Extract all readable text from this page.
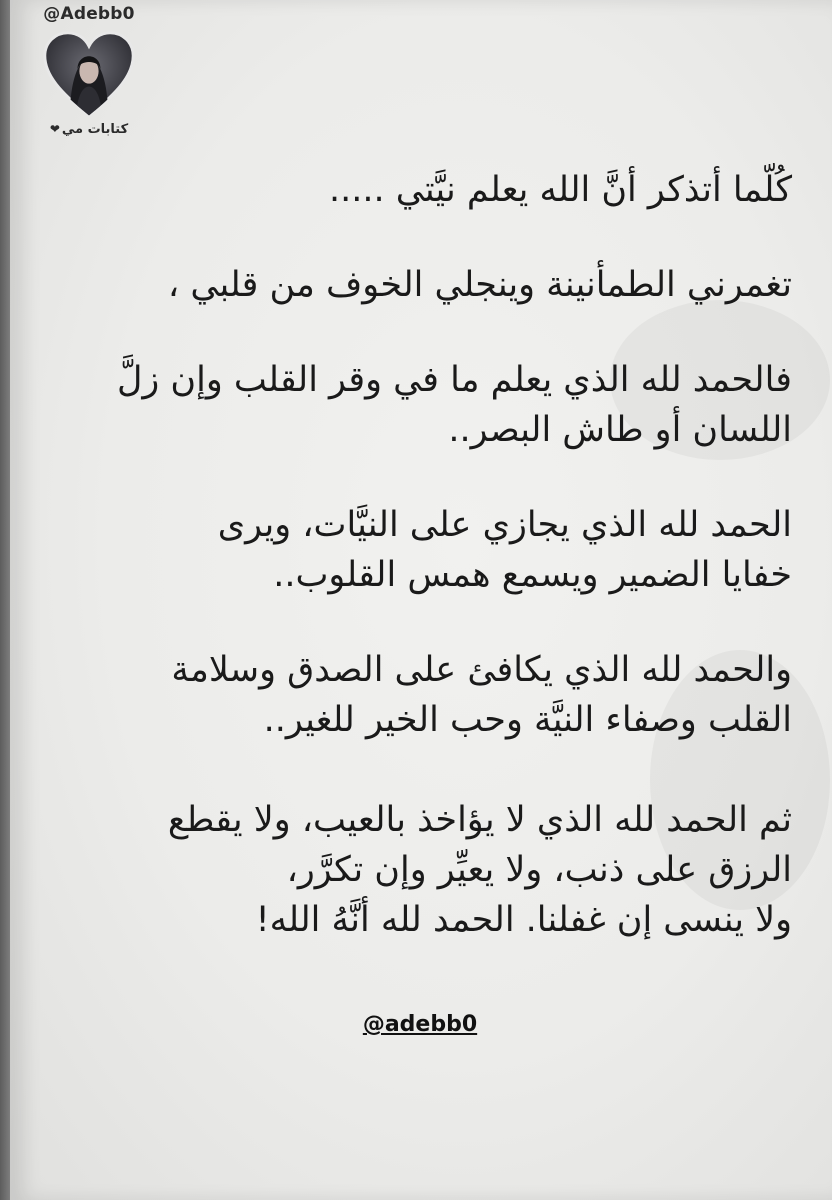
@Adebb0
كتابات مي❤
كُلّما أتذكر أنَّ الله يعلم نيَّتي .....
تغمرني الطمأنينة وينجلي الخوف من قلبي ،
فالحمد لله الذي يعلم ما في وقر القلب وإن زلَّ
اللسان أو طاش البصر..
الحمد لله الذي يجازي على النيَّات، ويرى
خفايا الضمير ويسمع همس القلوب..
والحمد لله الذي يكافئ على الصدق وسلامة
القلب وصفاء النيَّة وحب الخير للغير..
ثم الحمد لله الذي لا يؤاخذ بالعيب، ولا يقطع
الرزق على ذنب، ولا يعيِّر وإن تكرَّر،
ولا ينسى إن غفلنا. الحمد لله أنَّهُ الله!
@adebb0
